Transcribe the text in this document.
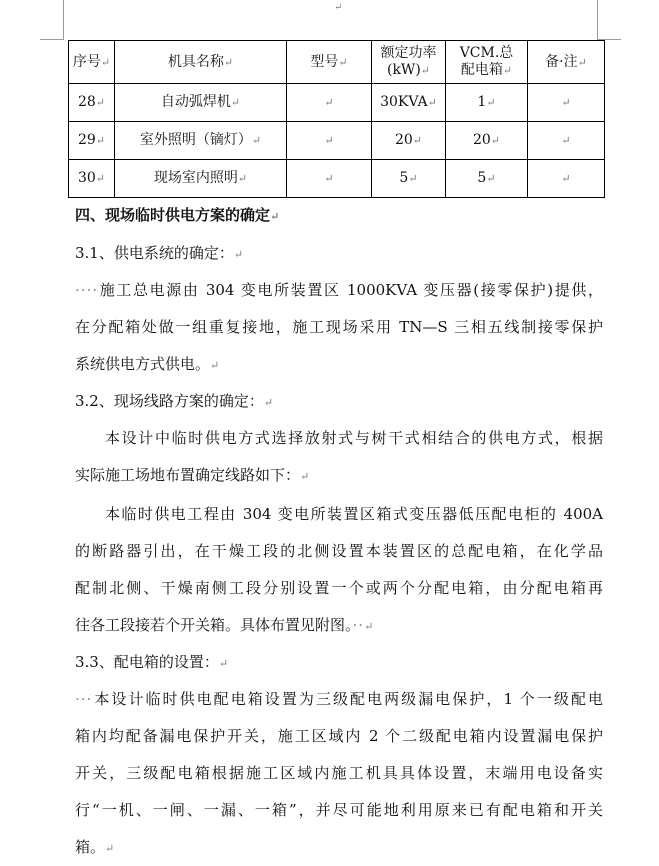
↵
序号↵	机具名称↵	型号↵	额定功率
(kW)↵	VCM.总
配电箱↵	备·注↵
28↵	自动弧焊机↵	↵	30KVA↵	1↵	↵
29↵	室外照明（镝灯）↵	↵	20↵	20↵	↵
30↵	现场室内照明↵	↵	5↵	5↵	↵

四、现场临时供电方案的确定↵

3.1、供电系统的确定：↵

····施工总电源由 304 变电所装置区 1000KVA 变压器(接零保护)提供，

在分配箱处做一组重复接地，施工现场采用 TN—S 三相五线制接零保护

系统供电方式供电。↵

3.2、现场线路方案的确定：↵

本设计中临时供电方式选择放射式与树干式相结合的供电方式，根据

实际施工场地布置确定线路如下：↵

本临时供电工程由 304 变电所装置区箱式变压器低压配电柜的 400A

的断路器引出，在干燥工段的北侧设置本装置区的总配电箱，在化学品

配制北侧、干燥南侧工段分别设置一个或两个分配电箱，由分配电箱再

往各工段接若个开关箱。具体布置见附图。··↵

3.3、配电箱的设置：↵

···本设计临时供电配电箱设置为三级配电两级漏电保护，1 个一级配电

箱内均配备漏电保护开关，施工区域内 2 个二级配电箱内设置漏电保护

开关，三级配电箱根据施工区域内施工机具具体设置，末端用电设备实

行“一机、一闸、一漏、一箱”，并尽可能地利用原来已有配电箱和开关

箱。↵
